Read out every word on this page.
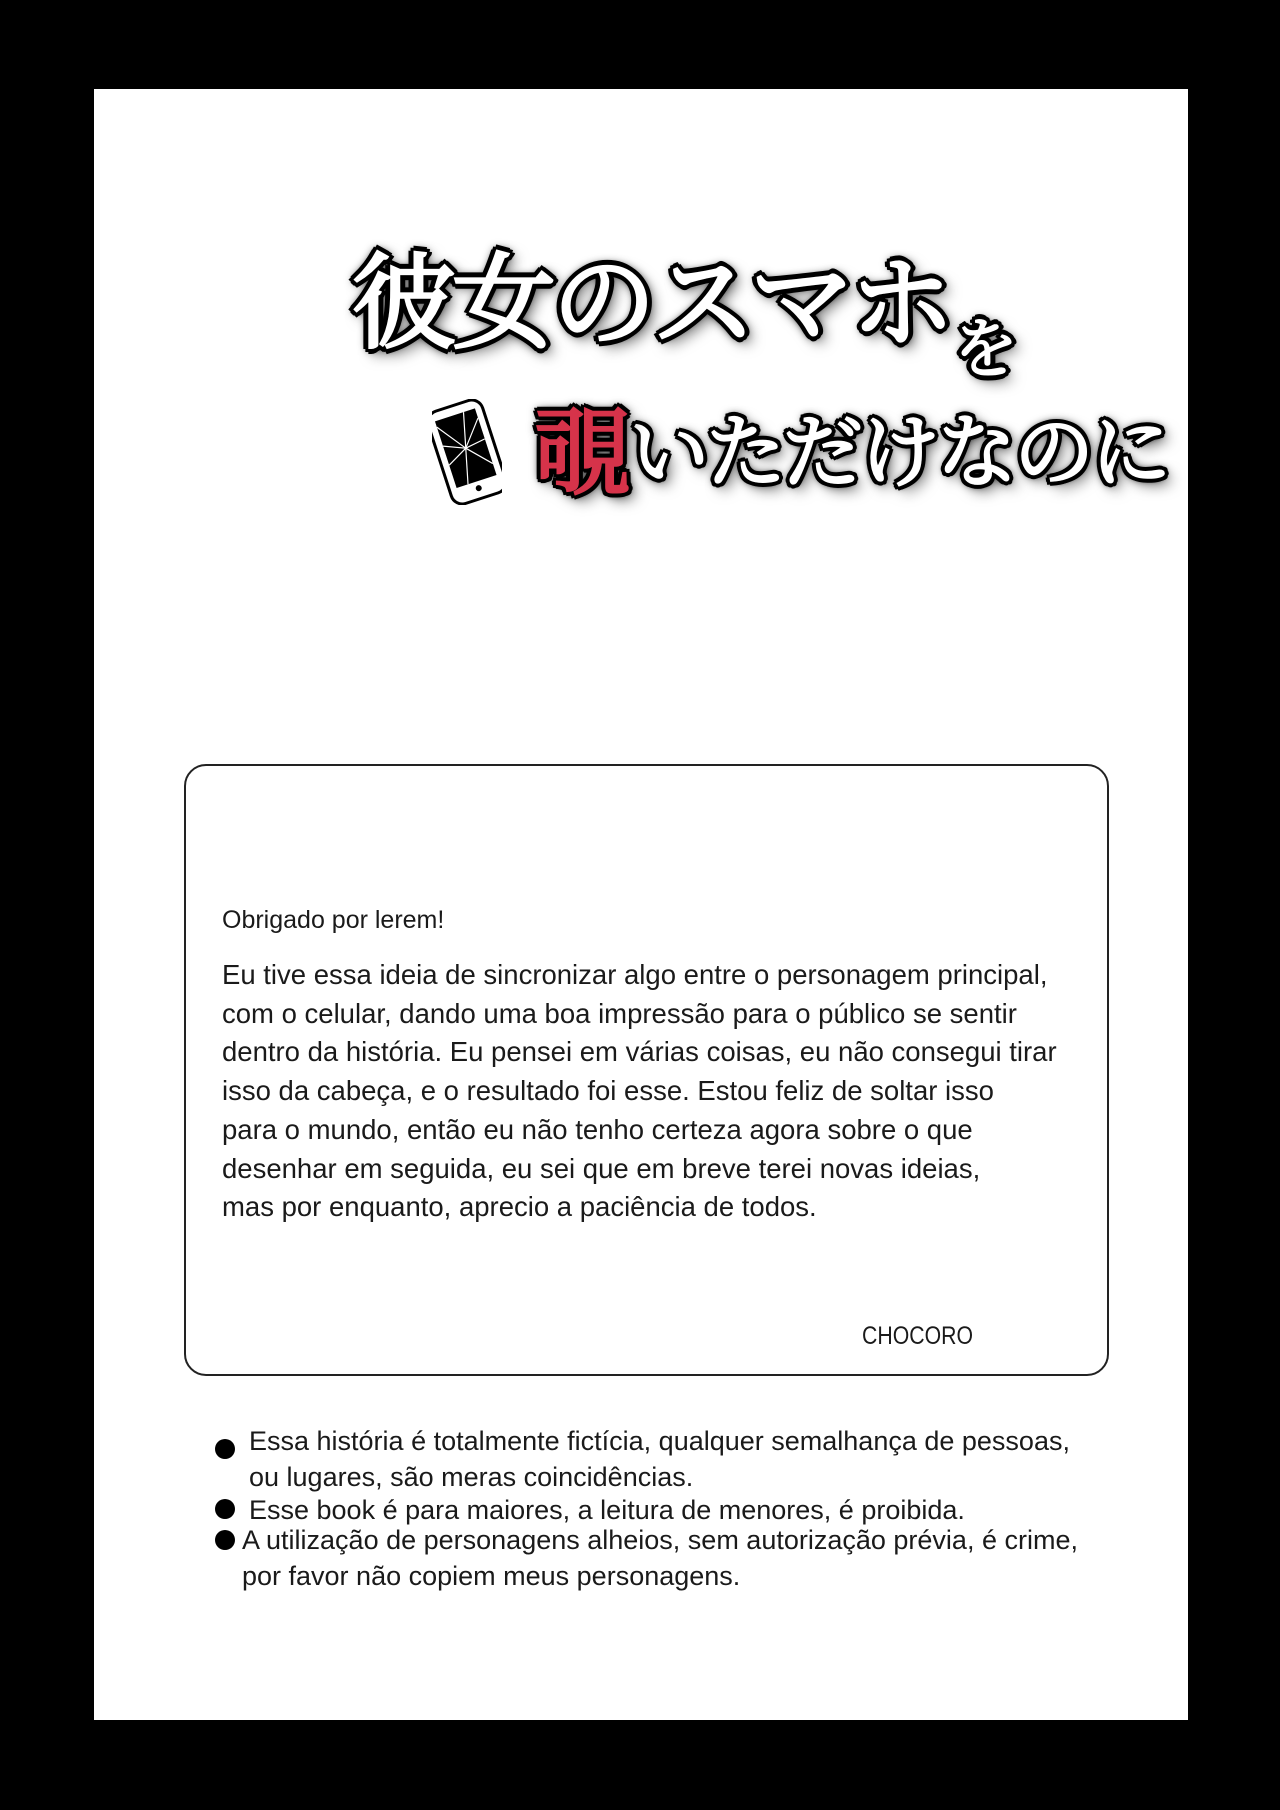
彼女のスマホ$_を$
覗いただけなのに
Obrigado por lerem!
Eu tive essa ideia de sincronizar algo entre o personagem principal,
com o celular, dando uma boa impressão para o público se sentir
dentro da história. Eu pensei em várias coisas, eu não consegui tirar
isso da cabeça, e o resultado foi esse. Estou feliz de soltar isso
para o mundo, então eu não tenho certeza agora sobre o que
desenhar em seguida, eu sei que em breve terei novas ideias,
mas por enquanto, aprecio a paciência de todos.
CHOCORO
Essa história é totalmente fictícia, qualquer semalhança de pessoas,
ou lugares, são meras coincidências.
Esse book é para maiores, a leitura de menores, é proibida.
A utilização de personagens alheios, sem autorização prévia, é crime,
por favor não copiem meus personagens.
